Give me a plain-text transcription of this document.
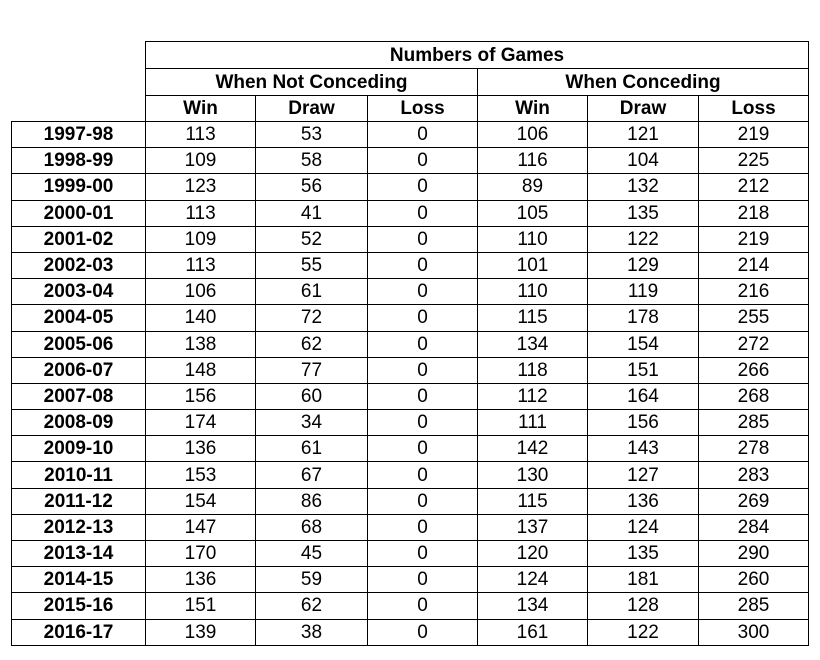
	Numbers of Games					
	When Not Conceding			When Conceding		
	Win	Draw	Loss	Win	Draw	Loss
1997-98	113	53	0	106	121	219
1998-99	109	58	0	116	104	225
1999-00	123	56	0	89	132	212
2000-01	113	41	0	105	135	218
2001-02	109	52	0	110	122	219
2002-03	113	55	0	101	129	214
2003-04	106	61	0	110	119	216
2004-05	140	72	0	115	178	255
2005-06	138	62	0	134	154	272
2006-07	148	77	0	118	151	266
2007-08	156	60	0	112	164	268
2008-09	174	34	0	111	156	285
2009-10	136	61	0	142	143	278
2010-11	153	67	0	130	127	283
2011-12	154	86	0	115	136	269
2012-13	147	68	0	137	124	284
2013-14	170	45	0	120	135	290
2014-15	136	59	0	124	181	260
2015-16	151	62	0	134	128	285
2016-17	139	38	0	161	122	300
